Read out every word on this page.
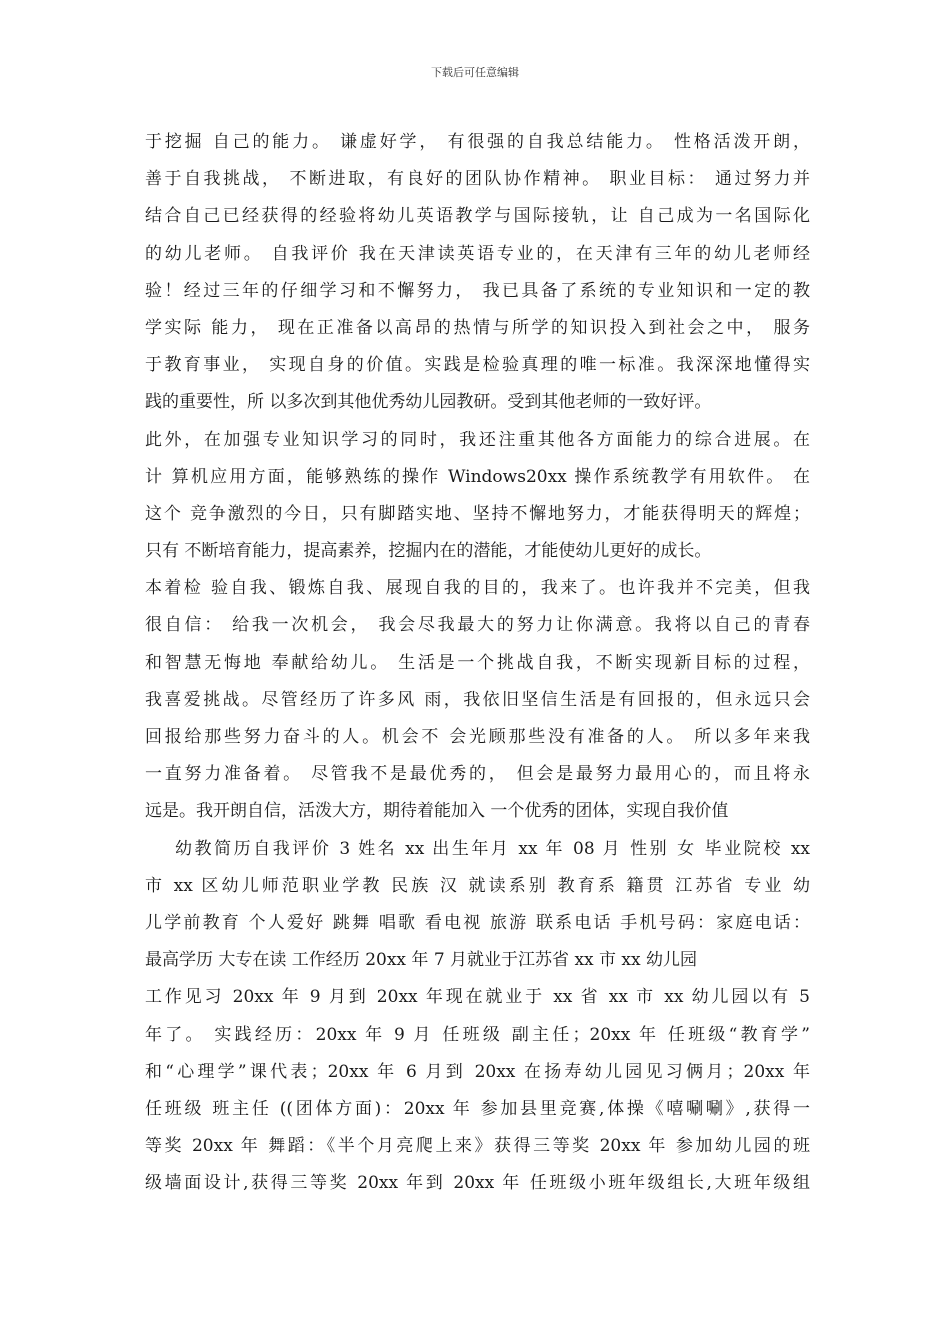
下载后可任意编辑
于挖掘 自己的能力。 谦虚好学， 有很强的自我总结能力。 性格活泼开朗，
善于自我挑战， 不断进取，有良好的团队协作精神。 职业目标： 通过努力并
结合自己已经获得的经验将幼儿英语教学与国际接轨，让 自己成为一名国际化
的幼儿老师。 自我评价 我在天津读英语专业的，在天津有三年的幼儿老师经
验！经过三年的仔细学习和不懈努力， 我已具备了系统的专业知识和一定的教
学实际 能力， 现在正准备以高昂的热情与所学的知识投入到社会之中， 服务
于教育事业， 实现自身的价值。实践是检验真理的唯一标准。我深深地懂得实
践的重要性，所 以多次到其他优秀幼儿园教研。受到其他老师的一致好评。
此外，在加强专业知识学习的同时，我还注重其他各方面能力的综合进展。在
计 算机应用方面，能够熟练的操作 Windows20xx 操作系统教学有用软件。 在
这个 竞争激烈的今日，只有脚踏实地、坚持不懈地努力，才能获得明天的辉煌；
只有 不断培育能力，提高素养，挖掘内在的潜能，才能使幼儿更好的成长。
本着检 验自我、锻炼自我、展现自我的目的，我来了。也许我并不完美，但我
很自信： 给我一次机会， 我会尽我最大的努力让你满意。我将以自己的青春
和智慧无悔地 奉献给幼儿。 生活是一个挑战自我，不断实现新目标的过程，
我喜爱挑战。尽管经历了许多风 雨，我依旧坚信生活是有回报的，但永远只会
回报给那些努力奋斗的人。机会不 会光顾那些没有准备的人。 所以多年来我
一直努力准备着。 尽管我不是最优秀的， 但会是最努力最用心的，而且将永
远是。我开朗自信，活泼大方，期待着能加入 一个优秀的团体，实现自我价值
幼教简历自我评价 3 姓名 xx 出生年月 xx 年 08 月 性别 女 毕业院校 xx
市 xx 区幼儿师范职业学教 民族 汉 就读系别 教育系 籍贯 江苏省 专业 幼
儿学前教育 个人爱好 跳舞 唱歌 看电视 旅游 联系电话 手机号码：家庭电话：
最高学历 大专在读 工作经历 20xx 年 7 月就业于江苏省 xx 市 xx 幼儿园
工作见习 20xx 年 9 月到 20xx 年现在就业于 xx 省 xx 市 xx 幼儿园以有 5
年了。 实践经历：20xx 年 9 月 任班级 副主任；20xx 年 任班级“教育学”
和“心理学”课代表；20xx 年 6 月到 20xx 在扬寿幼儿园见习俩月；20xx 年
任班级 班主任 ((团体方面)：20xx 年 参加县里竞赛,体操《嘻唰唰》,获得一
等奖 20xx 年 舞蹈：《半个月亮爬上来》获得三等奖 20xx 年 参加幼儿园的班
级墙面设计,获得三等奖 20xx 年到 20xx 年 任班级小班年级组长,大班年级组
